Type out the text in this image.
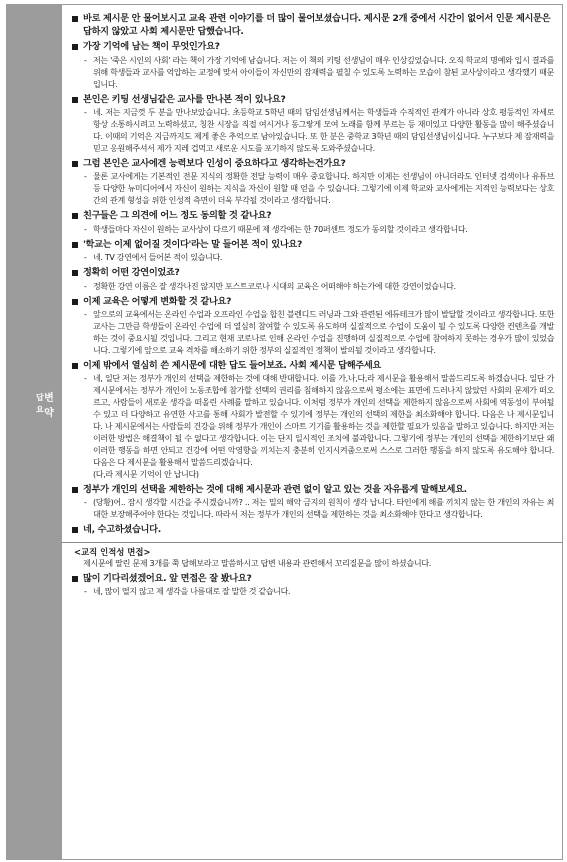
답요
변약
바로 제시문 안 물어보시고 교육 관련 이야기를 더 많이 물어보셨습니다. 제시문 2개 중에서 시간이 없어서 인문 제시문은 답하지 않았고 사회 제시문만 답했습니다.
가장 기억에 남는 책이 무엇인가요?
- 저는 '죽은 시인의 사회' 라는 책이 가장 기억에 남습니다. 저는 이 책의 키팅 선생님이 매우 인상깊었습니다. 오직 학교의 명예와 입시 결과를 위해 학생들과 교사를 억압하는 교정에 맞서 아이들이 자신만의 잠재력을 펼칠 수 있도록 노력하는 모습이 참된 교사상이라고 생각했기 때문입니다.
본인은 키팅 선생님같은 교사를 만나본 적이 있나요?
- 네. 저는 지금껏 두 분을 만나보았습니다. 초등학교 5학년 때의 담임선생님께서는 학생들과 수직적인 관계가 아니라 상호 평등적인 자세로 항상 소통하시려고 노력하셨고, 칭찬 시장을 직접 여시거나 동그랗게 모여 노래를 함께 부르는 등 재미있고 다양한 활동을 많이 해주셨습니다. 이때의 기억은 지금까지도 제게 좋은 추억으로 남아있습니다. 또 한 분은 중학교 3학년 때의 담임선생님이십니다. 누구보다 제 잠재력을 믿고 응원해주셔서 제가 지레 겁먹고 새로운 시도를 포기하지 않도록 도와주셨습니다.
그럼 본인은 교사에겐 능력보다 인성이 중요하다고 생각하는건가요?
- 물론 교사에게는 기본적인 전문 지식의 정확한 전달 능력이 매우 중요합니다. 하지만 이제는 선생님이 아니더라도 인터넷 검색이나 유튜브 등 다양한 뉴미디어에서 자신이 원하는 지식을 자신이 원할 때 얻을 수 있습니다. 그렇기에 이제 학교와 교사에게는 지적인 능력보다는 상호 간의 관계 형성을 위한 인성적 측면이 더욱 부각될 것이라고 생각합니다.
친구들은 그 의견에 어느 정도 동의할 것 같나요?
- 학생들마다 자신이 원하는 교사상이 다르기 때문에 제 생각에는 한 70퍼센트 정도가 동의할 것이라고 생각합니다.
'학교는 이제 없어질 것이다'라는 말 들어본 적이 있나요?
- 네. TV 강연에서 들어본 적이 있습니다.
정확히 어떤 강연이었죠?
- 정확한 강연 이름은 잘 생각나진 않지만 포스트코로나 시대의 교육은 어떠해야 하는가에 대한 강연이었습니다.
이제 교육은 어떻게 변화할 것 같나요?
- 앞으로의 교육에서는 온라인 수업과 오프라인 수업을 합친 블렌디드 러닝과 그와 관련된 에듀테크가 많이 발달할 것이라고 생각합니다. 또한 교사는 그만큼 학생들이 온라인 수업에 더 열심히 참여할 수 있도록 유도하며 실질적으로 수업이 도움이 될 수 있도록 다양한 컨텐츠를 개발하는 것이 중요시될 것입니다. 그리고 현재 코로나로 인해 온라인 수업을 진행하며 실질적으로 수업에 참여하지 못하는 경우가 많이 있었습니다. 그렇기에 앞으로 교육 격차를 해소하기 위한 정부의 실질적인 정책이 발의될 것이라고 생각합니다.
이제 밖에서 열심히 쓴 제시문에 대한 답도 들어보죠. 사회 제시문 답해주세요
- 네, 일단 저는 정부가 개인의 선택을 제한하는 것에 대해 반대합니다. 이를 가,나,다,라 제시문을 활용해서 말씀드리도록 하겠습니다. 일단 가 제시문에서는 정부가 개인이 노동조합에 참가할 선택의 권리를 침해하지 않음으로써 평소에는 표면에 드러나지 않았던 사회의 문제가 떠오르고, 사람들이 새로운 생각을 떠올린 사례를 말하고 있습니다. 이처럼 정부가 개인의 선택을 제한하지 않음으로써 사회에 역동성이 부여될 수 있고 더 다양하고 유연한 사고를 통해 사회가 발전할 수 있기에 정부는 개인의 선택의 제한을 최소화해야 합니다. 다음은 나 제시문입니다. 나 제시문에서는 사람들의 건강을 위해 정부가 개인이 스마트 기기를 활용하는 것을 제한할 필요가 있음을 말하고 있습니다. 하지만 저는 이러한 방법은 해결책이 될 수 없다고 생각합니다. 이는 단지 일시적인 조치에 불과합니다. 그렇기에 정부는 개인의 선택을 제한하기보단 왜 이러한 행동을 하면 안되고 건강에 어떤 악영향을 끼치는지 충분히 인지시켜줌으로써 스스로 그러한 행동을 하지 않도록 유도해야 합니다. 다음은 다 제시문을 활용해서 말씀드리겠습니다.
(다,라 제시문 기억이 안 납니다)
정부가 개인의 선택을 제한하는 것에 대해 제시문과 관련 없이 알고 있는 것을 자유롭게 말해보세요.
- (당황)어.. 잠시 생각할 시간을 주시겠습니까? .. 저는 밀의 해악 금지의 원칙이 생각 납니다. 타인에게 해를 끼치지 않는 한 개인의 자유는 최대한 보장해주어야 한다는 것입니다. 따라서 저는 정부가 개인의 선택을 제한하는 것을 최소화해야 한다고 생각합니다.
네, 수고하셨습니다.
<교직 인적성 면접>
제시문에 딸린 문제 3개를 쭉 답해보라고 말씀하시고 답변 내용과 관련해서 꼬리질문을 많이 하셨습니다.
많이 기다리셨겠어요. 앞 면접은 잘 봤나요?
- 네, 많이 떨지 않고 제 생각을 나름대로 잘 말한 것 같습니다.
